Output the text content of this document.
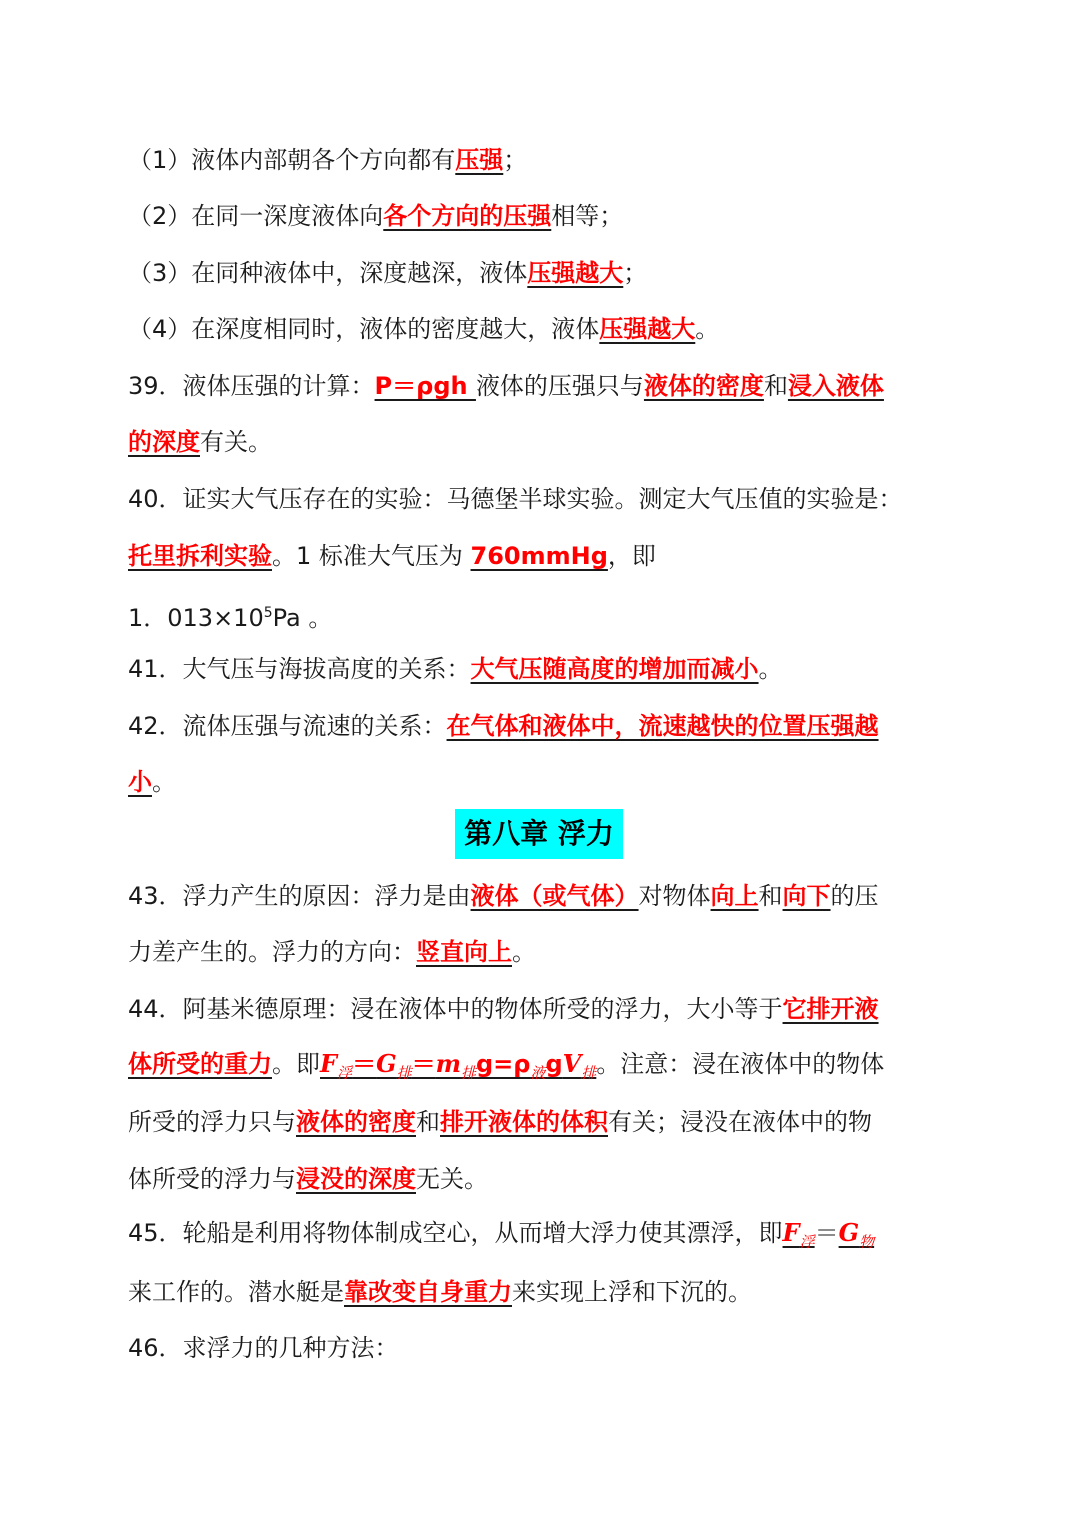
（1）液体内部朝各个方向都有压强；
（2）在同一深度液体向各个方向的压强相等；
（3）在同种液体中，深度越深，液体压强越大；
（4）在深度相同时，液体的密度越大，液体压强越大。
39．液体压强的计算：P＝ρgh 液体的压强只与液体的密度和浸入液体
的深度有关。
40．证实大气压存在的实验：马德堡半球实验。测定大气压值的实验是：
托里拆利实验。1 标准大气压为 760mmHg，即
1．$013\times 10^5Pa$ 。
41．大气压与海拔高度的关系：大气压随高度的增加而减小。
42．流体压强与流速的关系：在气体和液体中，流速越快的位置压强越
小。
第八章 浮力
43．浮力产生的原因：浮力是由液体（或气体）对物体向上和向下的压
力差产生的。浮力的方向：竖直向上。
44．阿基米德原理：浸在液体中的物体所受的浮力，大小等于它排开液
体所受的重力。即$F_浮=G_排=m_排g=\rho_液gV_排$。注意：浸在液体中的物体
所受的浮力只与液体的密度和排开液体的体积有关；浸没在液体中的物
体所受的浮力与浸没的深度无关。
45．轮船是利用将物体制成空心，从而增大浮力使其漂浮，即$F_浮=G_物$
来工作的。潜水艇是靠改变自身重力来实现上浮和下沉的。
46．求浮力的几种方法：
